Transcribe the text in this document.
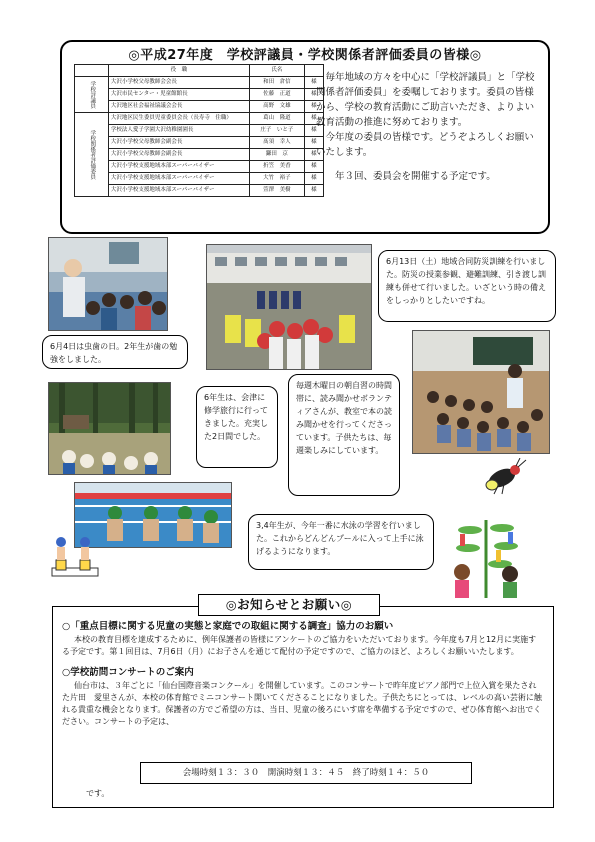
◎平成27年度　学校評議員・学校関係者評価委員の皆様◎
	役　職	氏名	
学校評議員	大沢小学校父母教師会会長	和田　倉信	様
	大沢市民センター・児童館館長	佐藤　正道	様
	大沢地区社会福祉協議会会長	高野　文雄	様
学校関係者評価委員	大沢地区民生委員児童委員会長（長寿寺　住職）	葛山　隆道	様
	学校法人愛子学園大沢幼稚園園長	庄子　いと子	様
	大沢小学校父母教師会副会長	髙須　幸人	様
	大沢小学校父母教師会副会長	鎌田　京	様
	大沢小学校支援地域本部スーパーバイザー	折笠　美香	様
	大沢小学校支援地域本部スーパーバイザー	大竹　裕子	様
	大沢小学校支援地域本部スーパーバイザー	萱澤　美樹	様
毎年地域の方々を中心に「学校評議員」と「学校関係者評価委員」を委嘱しております。委員の皆様から、学校の教育活動にご助言いただき、よりよい教育活動の推進に努めております。
今年度の委員の皆様です。どうぞよろしくお願いいたします。
年３回、委員会を開催する予定です。
6月4日は虫歯の日。2年生が歯の勉強をしました。
6月13日（土）地域合同防災訓練を行いました。防災の授業参観、避難訓練、引き渡し訓練も併せて行いました。いざという時の備えをしっかりとしたいですね。
6年生は、会津に修学旅行に行ってきました。充実した2日間でした。
毎週木曜日の朝自習の時間帯に、読み聞かせボランティアさんが、教室で本の読み聞かせを行ってくださっています。子供たちは、毎週楽しみにしています。
3,4年生が、今年一番に水泳の学習を行いました。これからどんどんプールに入って上手に泳げるようになります。
◎お知らせとお願い◎
○「重点目標に関する児童の実態と家庭での取組に関する調査」協力のお願い
本校の教育目標を達成するために、例年保護者の皆様にアンケートのご協力をいただいております。今年度も7月と12月に実施する予定です。第１回目は、7月6日（月）にお子さんを通じて配付の予定ですので、ご協力のほど、よろしくお願いいたします。
○学校訪問コンサートのご案内
仙台市は、３年ごとに「仙台国際音楽コンクール」を開催しています。このコンサートで昨年度ピアノ部門で上位入賞を果たされた片田　愛里さんが、本校の体育館でミニコンサート開いてくださることになりました。子供たちにとっては、レベルの高い芸術に触れる貴重な機会となります。保護者の方でご希望の方は、当日、児童の後ろにいす席を準備する予定ですので、ぜひ体育館へお出でください。コンサートの予定は、
会場時刻１３：３０　開演時刻１３：４５　終了時刻１４：５０
です。
